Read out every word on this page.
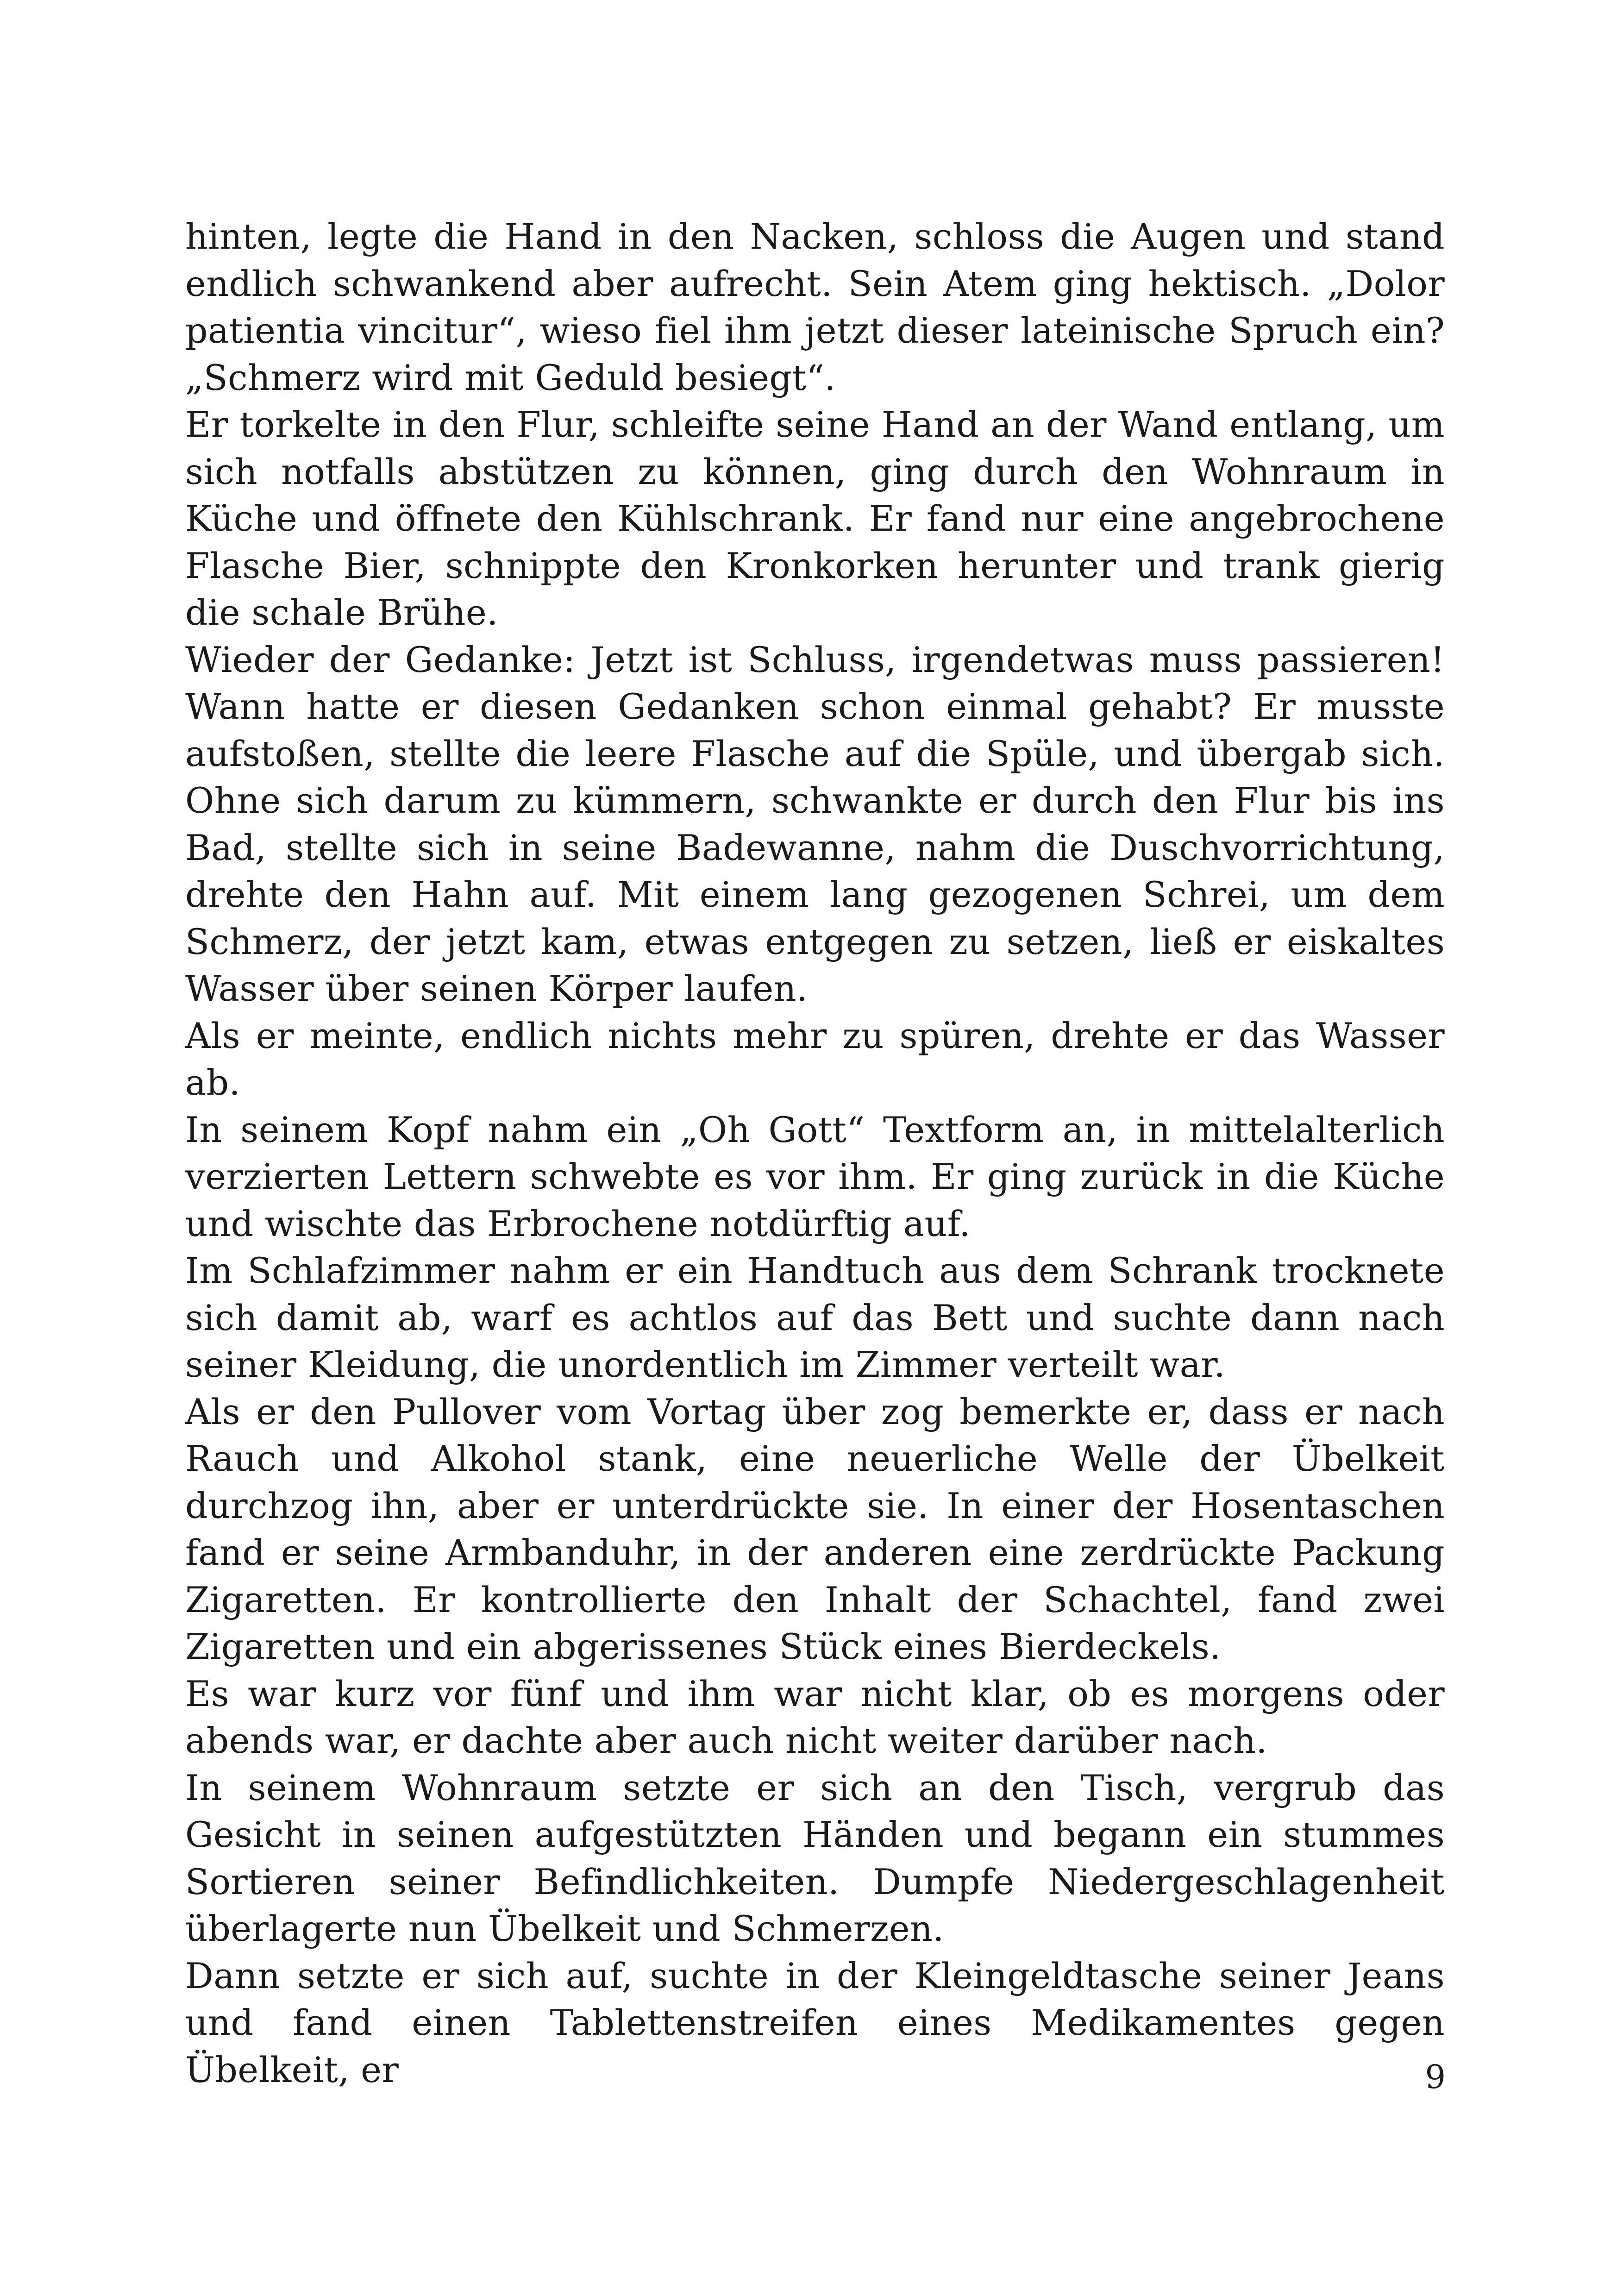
hinten, legte die Hand in den Nacken, schloss die Augen und stand endlich schwankend aber aufrecht. Sein Atem ging hektisch. „Dolor patientia vincitur“, wieso fiel ihm jetzt dieser lateinische Spruch ein? „Schmerz wird mit Geduld besiegt“.

Er torkelte in den Flur, schleifte seine Hand an der Wand entlang, um sich notfalls abstützen zu können, ging durch den Wohnraum in Küche und öffnete den Kühlschrank. Er fand nur eine angebrochene Flasche Bier, schnippte den Kronkorken herunter und trank gierig die schale Brühe.

Wieder der Gedanke: Jetzt ist Schluss, irgendetwas muss passieren! Wann hatte er diesen Gedanken schon einmal gehabt? Er musste aufstoßen, stellte die leere Flasche auf die Spüle, und übergab sich. Ohne sich darum zu kümmern, schwankte er durch den Flur bis ins Bad, stellte sich in seine Badewanne, nahm die Duschvorrichtung, drehte den Hahn auf. Mit einem lang gezogenen Schrei, um dem Schmerz, der jetzt kam, etwas entgegen zu setzen, ließ er eiskaltes Wasser über seinen Körper laufen.

Als er meinte, endlich nichts mehr zu spüren, drehte er das Wasser ab.

In seinem Kopf nahm ein „Oh Gott“ Textform an, in mittelalterlich verzierten Lettern schwebte es vor ihm. Er ging zurück in die Küche und wischte das Erbrochene notdürftig auf.

Im Schlafzimmer nahm er ein Handtuch aus dem Schrank trocknete sich damit ab, warf es achtlos auf das Bett und suchte dann nach seiner Kleidung, die unordentlich im Zimmer verteilt war.

Als er den Pullover vom Vortag über zog bemerkte er, dass er nach Rauch und Alkohol stank, eine neuerliche Welle der Übelkeit durchzog ihn, aber er unterdrückte sie. In einer der Hosentaschen fand er seine Armbanduhr, in der anderen eine zerdrückte Packung Zigaretten. Er kontrollierte den Inhalt der Schachtel, fand zwei Zigaretten und ein abgerissenes Stück eines Bierdeckels.

Es war kurz vor fünf und ihm war nicht klar, ob es morgens oder abends war, er dachte aber auch nicht weiter darüber nach.

In seinem Wohnraum setzte er sich an den Tisch, vergrub das Gesicht in seinen aufgestützten Händen und begann ein stummes Sortieren seiner Befindlichkeiten. Dumpfe Niedergeschlagenheit überlagerte nun Übelkeit und Schmerzen.

Dann setzte er sich auf, suchte in der Kleingeldtasche seiner Jeans und fand einen Tablettenstreifen eines Medikamentes gegen Übelkeit, er	9
